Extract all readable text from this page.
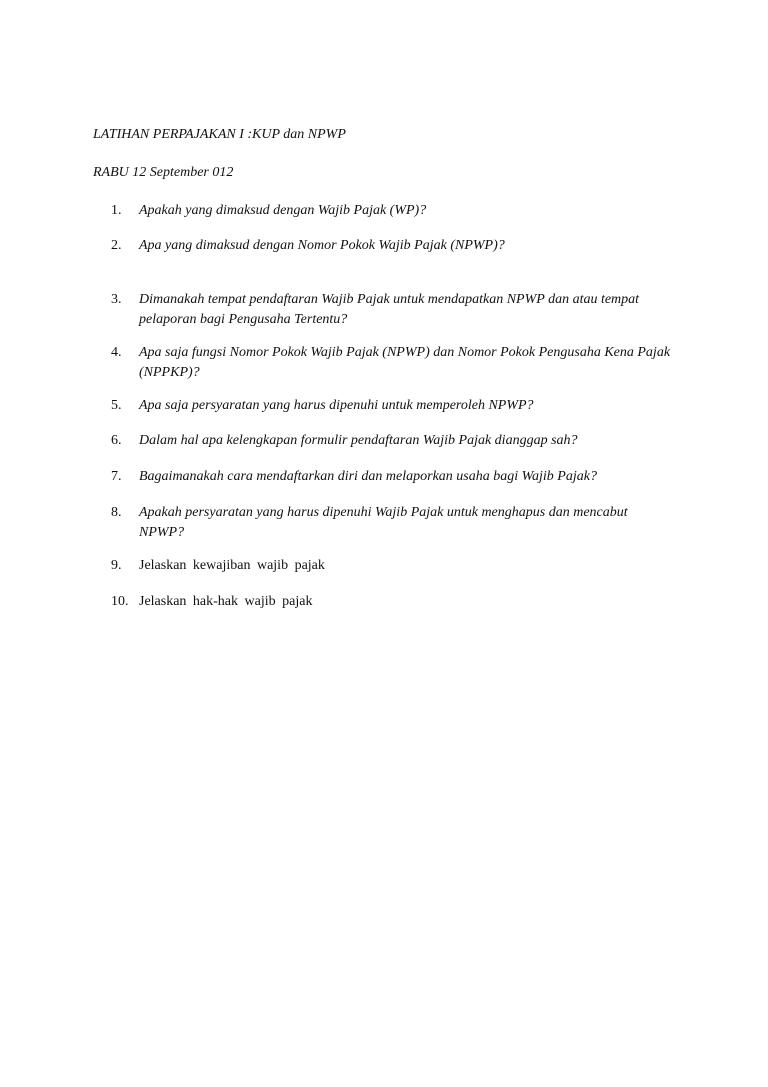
LATIHAN PERPAJAKAN I :KUP dan NPWP
RABU 12 September 012
1.	Apakah yang dimaksud dengan Wajib Pajak (WP)?
2.	Apa yang dimaksud dengan Nomor Pokok Wajib Pajak (NPWP)?
3.	Dimanakah tempat pendaftaran Wajib Pajak untuk mendapatkan NPWP dan atau tempat pelaporan bagi Pengusaha Tertentu?
4.	Apa saja fungsi Nomor Pokok Wajib Pajak (NPWP) dan Nomor Pokok Pengusaha Kena Pajak (NPPKP)?
5.	Apa saja persyaratan yang harus dipenuhi untuk memperoleh NPWP?
6.	Dalam hal apa kelengkapan formulir pendaftaran Wajib Pajak dianggap sah?
7.	Bagaimanakah cara mendaftarkan diri dan melaporkan usaha bagi Wajib Pajak?
8.	Apakah persyaratan yang harus dipenuhi Wajib Pajak untuk menghapus dan mencabut NPWP?
9.	Jelaskan kewajiban wajib pajak
10. Jelaskan hak-hak wajib pajak
